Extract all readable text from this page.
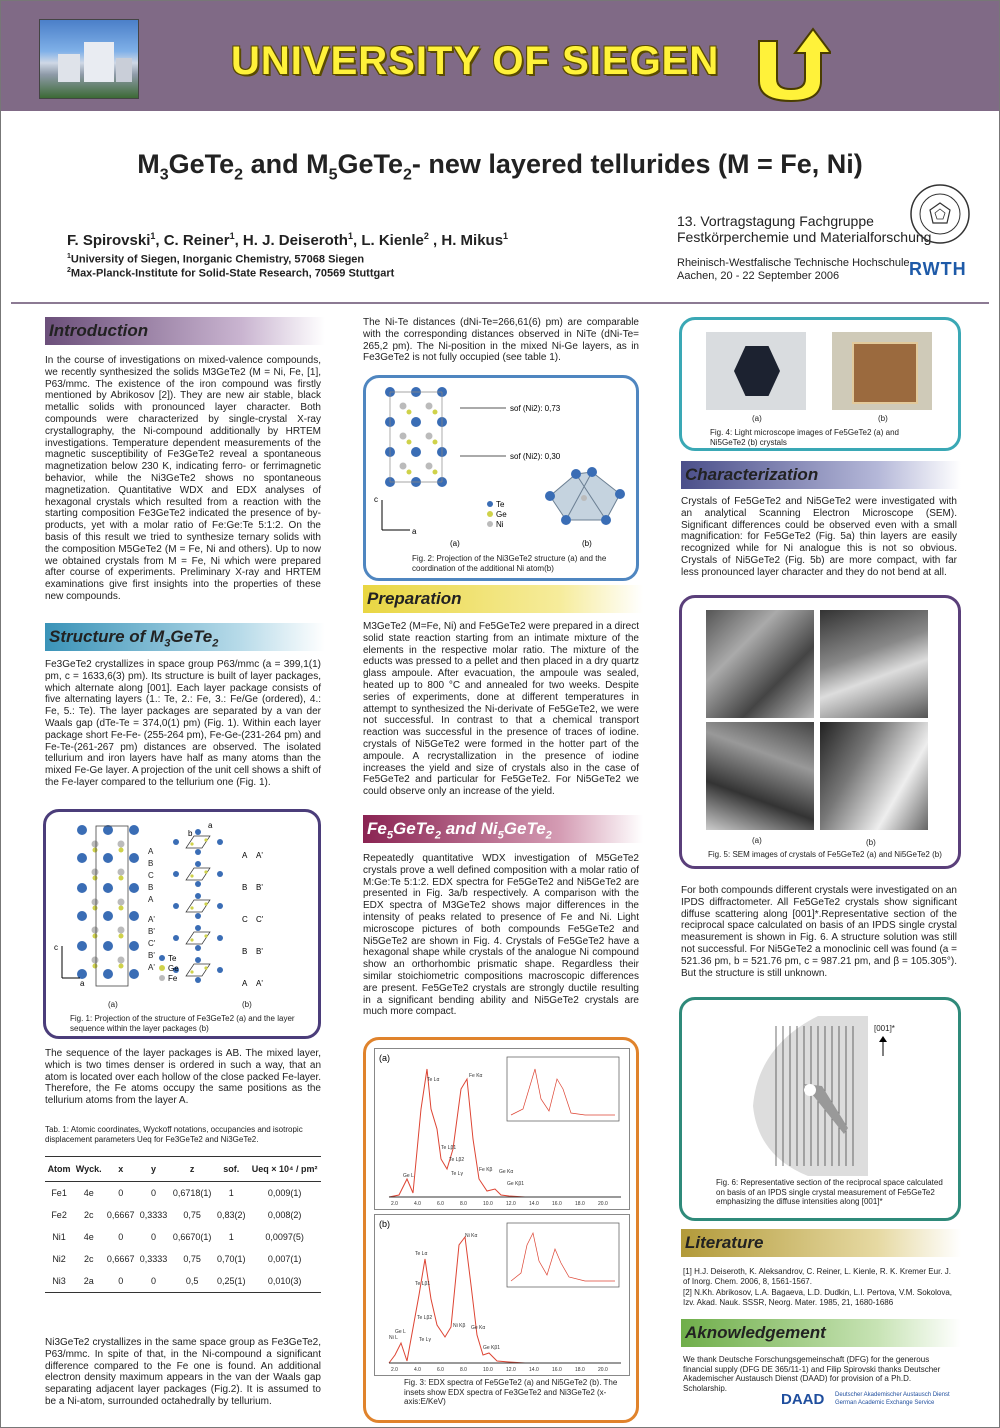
UNIVERSITY OF SIEGEN
$M_3GeTe_2$ and $M_5GeTe_2-$ new layered tellurides (M = Fe, Ni)
F. Spirovski$^1$, C. Reiner$^1$, H. J. Deiseroth$^1$, L. Kienle$^2$ , H. Mikus$^1$
$^1$University of Siegen, Inorganic Chemistry, 57068 Siegen
$^2$Max-Planck-Institute for Solid-State Research, 70569 Stuttgart
13. Vortragstagung Fachgruppe
Festkörperchemie und Materialforschung
Rheinisch-Westfalische Technische Hochschule
Aachen, 20 - 22 September 2006	RWTH
Introduction
In the course of investigations on mixed-valence compounds, we recently synthesized the solids M3GeTe2 (M = Ni, Fe, [1], P63/mmc. The existence of the iron compound was firstly mentioned by Abrikosov [2]). They are new air stable, black metallic solids with pronounced layer character. Both compounds were characterized by single-crystal X-ray crystallography, the Ni-compound additionally by HRTEM investigations. Temperature dependent measurements of the magnetic susceptibility of Fe3GeTe2 reveal a spontaneous magnetization below 230 K, indicating ferro- or ferrimagnetic behavior, while the Ni3GeTe2 shows no spontaneous magnetization. Quantitative WDX and EDX analyses of hexagonal crystals which resulted from a reaction with the starting composition Fe3GeTe2 indicated the presence of by-products, yet with a molar ratio of Fe:Ge:Te 5:1:2. On the basis of this result we tried to synthesize ternary solids with the composition M5GeTe2 (M = Fe, Ni and others). Up to now we obtained crystals from M = Fe, Ni which were prepared after course of experiments. Preliminary X-ray and HRTEM examinations give first insights into the properties of these new compounds.
Structure of $M_3GeTe_2$
Fe3GeTe2 crystallizes in space group P63/mmc (a = 399,1(1) pm, c = 1633,6(3) pm). Its structure is built of layer packages, which alternate along [001]. Each layer package consists of five alternating layers (1.: Te, 2.: Fe, 3.: Fe/Ge (ordered), 4.: Fe, 5.: Te). The layer packages are separated by a van der Waals gap (dTe-Te = 374,0(1) pm) (Fig. 1). Within each layer package short Fe-Fe- (255-264 pm), Fe-Ge-(231-264 pm) and Fe-Te-(261-267 pm) distances are observed. The isolated tellurium and iron layers have half as many atoms than the mixed Fe-Ge layer. A projection of the unit cell shows a shift of the Fe-layer compared to the tellurium one (Fig. 1).
c
a
A
B
C
B
A
A'
B'
C'
B'
A'
A A'
B B'
C C'
B B'
A A'
b
a
Te
Ge
Fe
(a)	(b)
Fig. 1: Projection of the structure of Fe3GeTe2 (a) and the layer sequence within the layer packages (b)
The sequence of the layer packages is AB. The mixed layer, which is two times denser is ordered in such a way, that an atom is located over each hollow of the close packed Fe-layer. Therefore, the Fe atoms occupy the same positions as the tellurium atoms from the layer A.
Tab. 1: Atomic coordinates, Wyckoff notations, occupancies and isotropic displacement parameters Ueq for Fe3GeTe2 and Ni3GeTe2.
Atom	Wyck.	x	y	z	sof.	Ueq × 10⁴ / pm²
Fe1	4e	0	0	0,6718(1)	1	0,009(1)
Fe2	2c	0,6667	0,3333	0,75	0,83(2)	0,008(2)
Ni1	4e	0	0	0,6670(1)	1	0,0097(5)
Ni2	2c	0,6667	0,3333	0,75	0,70(1)	0,007(1)
Ni3	2a	0	0	0,5	0,25(1)	0,010(3)
Ni3GeTe2 crystallizes in the same space group as Fe3GeTe2, P63/mmc. In spite of that, in the Ni-compound a significant difference compared to the Fe one is found. An additional electron density maximum appears in the van der Waals gap separating adjacent layer packages (Fig.2). It is assumed to be a Ni-atom, surrounded octahedrally by tellurium.
The Ni-Te distances (dNi-Te=266,61(6) pm) are comparable with the corresponding distances observed in NiTe (dNi-Te= 265,2 pm). The Ni-position in the mixed Ni-Ge layers, as in Fe3GeTe2 is not fully occupied (see table 1).
sof (Ni2): 0,73
sof (Ni2): 0,30
c
a
Te
Ge
Ni
(a)	(b)
Fig. 2: Projection of the Ni3GeTe2 structure (a) and the coordination of the additional Ni atom(b)
Preparation
M3GeTe2 (M=Fe, Ni) and Fe5GeTe2 were prepared in a direct solid state reaction starting from an intimate mixture of the elements in the respective molar ratio. The mixture of the educts was pressed to a pellet and then placed in a dry quartz glass ampoule. After evacuation, the ampoule was sealed, heated up to 800 °C and annealed for two weeks. Despite series of experiments, done at different temperatures in attempt to synthesized the Ni-derivate of Fe5GeTe2, we were not successful. In contrast to that a chemical transport reaction was successful in the presence of traces of iodine. crystals of Ni5GeTe2 were formed in the hotter part of the ampoule. A recrystallization in the presence of iodine increases the yield and size of crystals also in the case of Fe5GeTe2 and particular for Fe5GeTe2. For Ni5GeTe2 we could observe only an increase of the yield.
$Fe_5GeTe_2$ and $Ni_5GeTe_2$
Repeatedly quantitative WDX investigation of M5GeTe2 crystals prove a well defined composition with a molar ratio of M:Ge:Te 5:1:2. EDX spectra for Fe5GeTe2 and Ni5GeTe2 are presented in Fig. 3a/b respectively. A comparison with the EDX spectra of M3GeTe2 shows major differences in the intensity of peaks related to presence of Fe and Ni. Light microscope pictures of both compounds Fe5GeTe2 and Ni5GeTe2 are shown in Fig. 4. Crystals of Fe5GeTe2 have a hexagonal shape while crystals of the analogue Ni compound show an orthorhombic prismatic shape. Regardless their similar stoichiometric compositions macroscopic differences are present. Fe5GeTe2 crystals are strongly ductile resulting in a significant bending ability and Ni5GeTe2 crystals are much more compact.
(a)
Te Lα
Fe Kα
Te Lβ1
Te Lβ2
Te Lγ
Ge L
Fe Kβ Ge Kα
Ge Kβ1
2.0	4.0	6.0	8.0	10.0	12.0	14.0	16.0	18.0	20.0
(b)
Ni Kα
Te Lα
Te Lβ1
Te Lβ2
Te Lγ
Ni Kβ Ge Kα
Ge Kβ1
Ni L
Ge L
2.0	4.0	6.0	8.0	10.0	12.0	14.0	16.0	18.0	20.0
Fig. 3: EDX spectra of Fe5GeTe2 (a) and Ni5GeTe2 (b). The insets show EDX spectra of Fe3GeTe2 and Ni3GeTe2 (x-axis:E/KeV)
(a)	(b)
Fig. 4: Light microscope images of Fe5GeTe2 (a) and Ni5GeTe2 (b) crystals
Characterization
Crystals of Fe5GeTe2 and Ni5GeTe2 were investigated with an analytical Scanning Electron Microscope (SEM). Significant differences could be observed even with a small magnification: for Fe5GeTe2 (Fig. 5a) thin layers are easily recognized while for Ni analogue this is not so obvious. Crystals of Ni5GeTe2 (Fig. 5b) are more compact, with far less pronounced layer character and they do not bend at all.
(a)	(b)
Fig. 5: SEM images of crystals of Fe5GeTe2 (a) and Ni5GeTe2 (b)
For both compounds different crystals were investigated on an IPDS diffractometer. All Fe5GeTe2 crystals show significant diffuse scattering along [001]*.Representative section of the reciprocal space calculated on basis of an IPDS single crystal measurement is shown in Fig. 6. A structure solution was still not successful. For Ni5GeTe2 a monoclinic cell was found (a = 521.36 pm, b = 521.76 pm, c = 987.21 pm, and β = 105.305°). But the structure is still unknown.
[001]*
Fig. 6: Representative section of the reciprocal space calculated on basis of an IPDS single crystal measurement of Fe5GeTe2 emphasizing the diffuse intensities along [001]*
Literature
[1] H.J. Deiseroth, K. Aleksandrov, C. Reiner, L. Kienle, R. K. Kremer Eur. J. of Inorg. Chem. 2006, 8, 1561-1567.
[2] N.Kh. Abrikosov, L.A. Bagaeva, L.D. Dudkin, L.I. Pertova, V.M. Sokolova, Izv. Akad. Nauk. SSSR, Neorg. Mater. 1985, 21, 1680-1686
Aknowledgement
We thank Deutsche Forschungsgemeinschaft (DFG) for the generous financial supply (DFG DE 365/11-1) and Filip Spirovski thanks Deutscher Akademischer Austausch Dienst (DAAD) for provision of a Ph.D. Scholarship.
DAAD Deutscher Akademischer Austausch Dienst
German Academic Exchange Service
